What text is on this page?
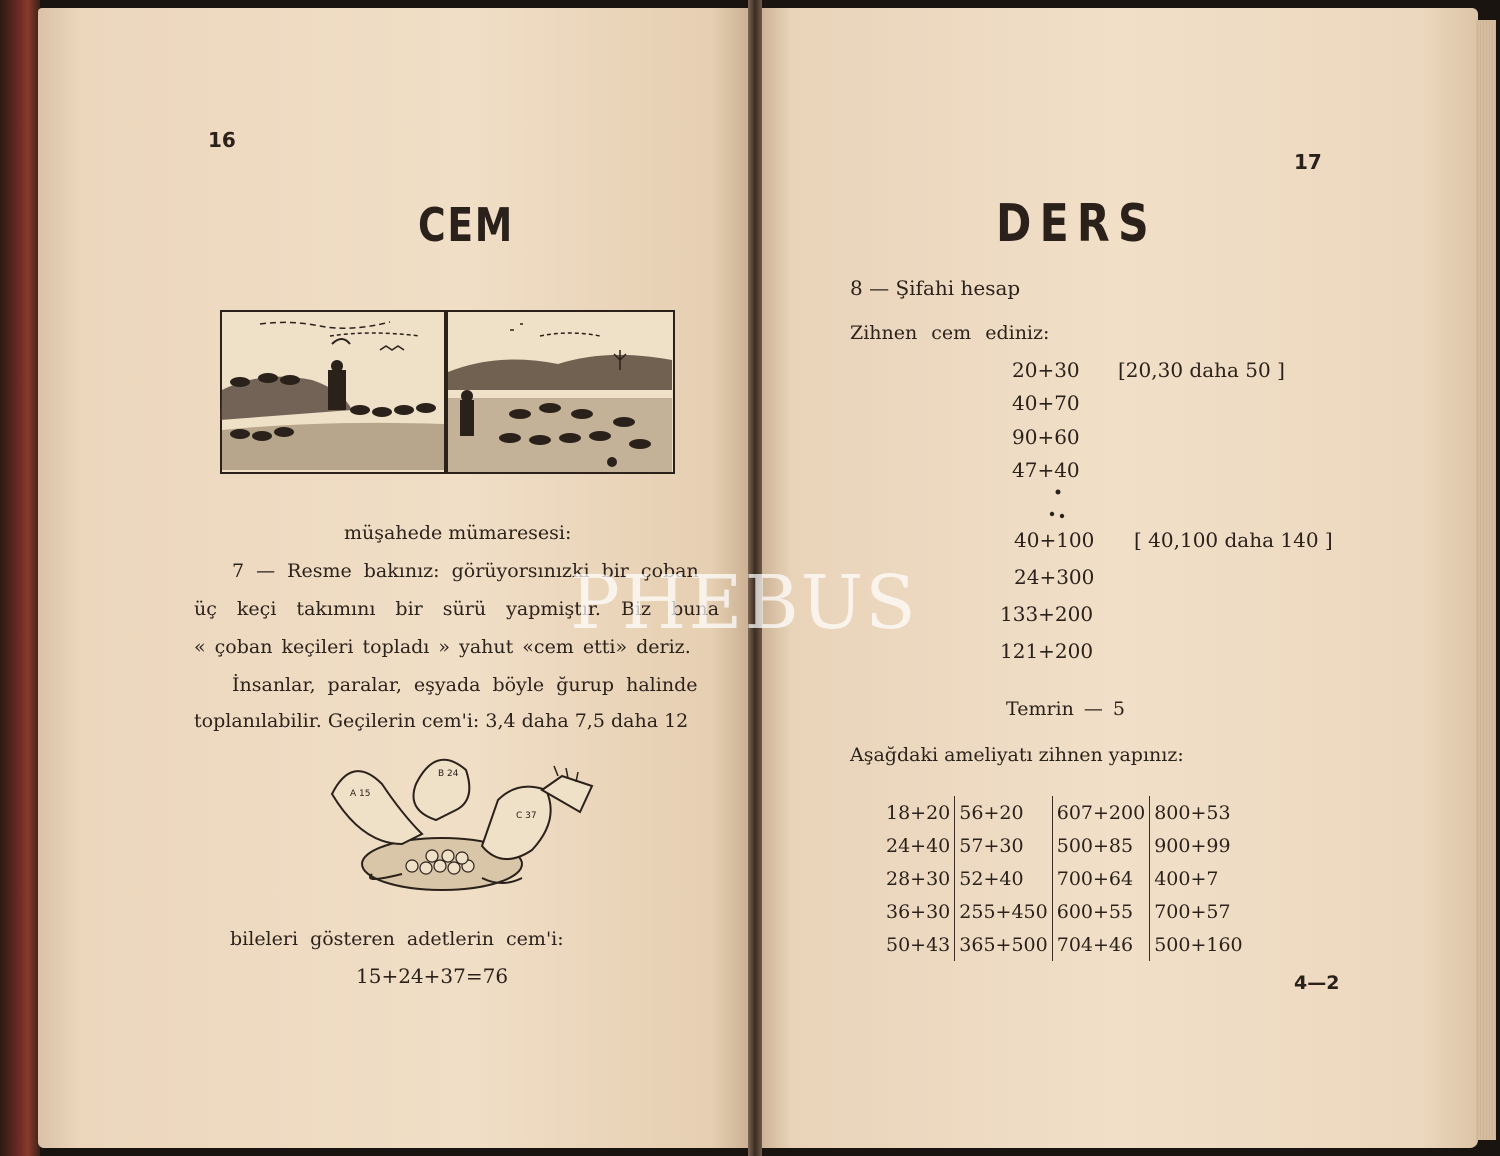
16
CEM
müşahede mümaresesi:
7 — Resme bakınız: görüyorsınızki bir çoban
üç keçi takımını bir sürü yapmiştır. Biz buna
« çoban keçileri topladı » yahut «cem etti» deriz.
İnsanlar, paralar, eşyada böyle ğurup halinde
toplanılabilir. Geçilerin cem'i: 3,4 daha 7,5 daha 12
A 15
B 24
C 37
bileleri gösteren adetlerin cem'i:
15+24+37=76
17
DERS
8 — Şifahi hesap
Zihnen cem ediniz:
20+30 [20,30 daha 50 ]
40+70
90+60
47+40
40+100 [ 40,100 daha 140 ]
24+300
133+200
121+200
Temrin — 5
Aşağdaki ameliyatı zihnen yapınız:
18+20	56+20	607+200	800+53
24+40	57+30	500+85	900+99
28+30	52+40	700+64	400+7
36+30	255+450	600+55	700+57
50+43	365+500	704+46	500+160
4—2
PHEBUS
